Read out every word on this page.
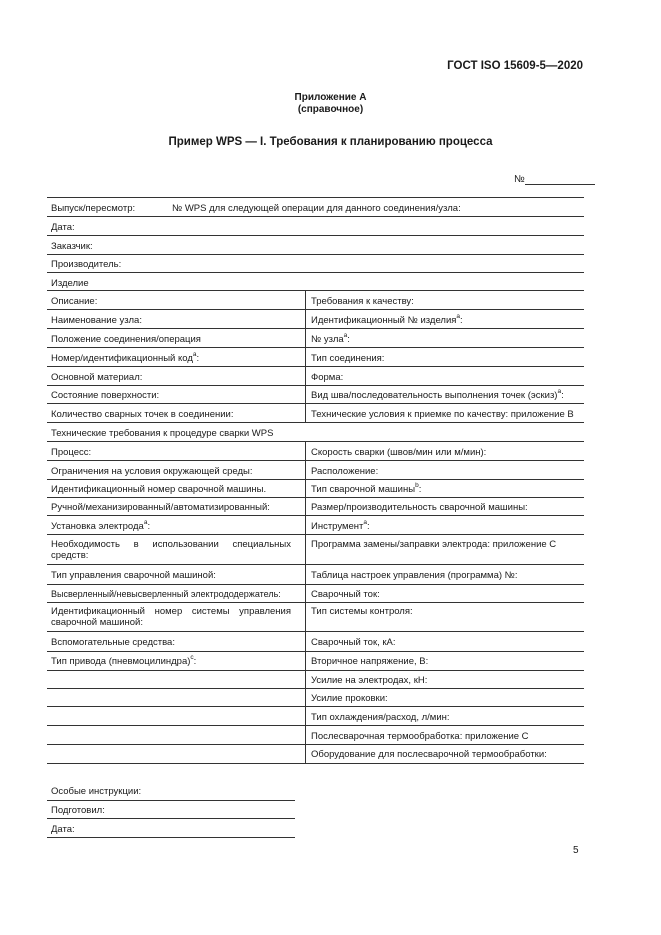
ГОСТ ISO 15609-5—2020
Приложение А
(справочное)
Пример WPS — I. Требования к планированию процесса
№
Выпуск/пересмотр:	№ WPS для следующей операции для данного соединения/узла:
Дата:
Заказчик:
Производитель:
Изделие
Описание:
Наименование узла:
Положение соединения/операция
Номер/идентификационный код$^a$:
Основной материал:
Состояние поверхности:
Количество сварных точек в соединении:
Технические требования к процедуре сварки WPS
Требования к качеству:
Идентификационный № изделия$^a$:
№ узла$^a$:
Тип соединения:
Форма:
Вид шва/последовательность выполнения точек (эскиз)$^a$:
Технические условия к приемке по качеству: приложение В
Процесс:
Ограничения на условия окружающей среды:
Идентификационный номер сварочной машины.
Ручной/механизированный/автоматизированный:
Установка электрода$^a$:
Необходимость в использовании специальных средств:
Тип управления сварочной машиной:
Высверленный/невысверленный электрододержатель:
Идентификационный номер системы управления сварочной машиной:
Вспомогательные средства:
Тип привода (пневмоцилиндра)$^c$:
Скорость сварки (швов/мин или м/мин):
Расположение:
Тип сварочной машины$^b$:
Размер/производительность сварочной машины:
Инструмент$^a$:
Программа замены/заправки электрода: приложение С
Таблица настроек управления (программа) №:
Сварочный ток:
Тип системы контроля:
Сварочный ток, кА:
Вторичное напряжение, В:
Усилие на электродах, кН:
Усилие проковки:
Тип охлаждения/расход, л/мин:
Послесварочная термообработка: приложение С
Оборудование для послесварочной термообработки:
Особые инструкции:
Подготовил:
Дата:
5
